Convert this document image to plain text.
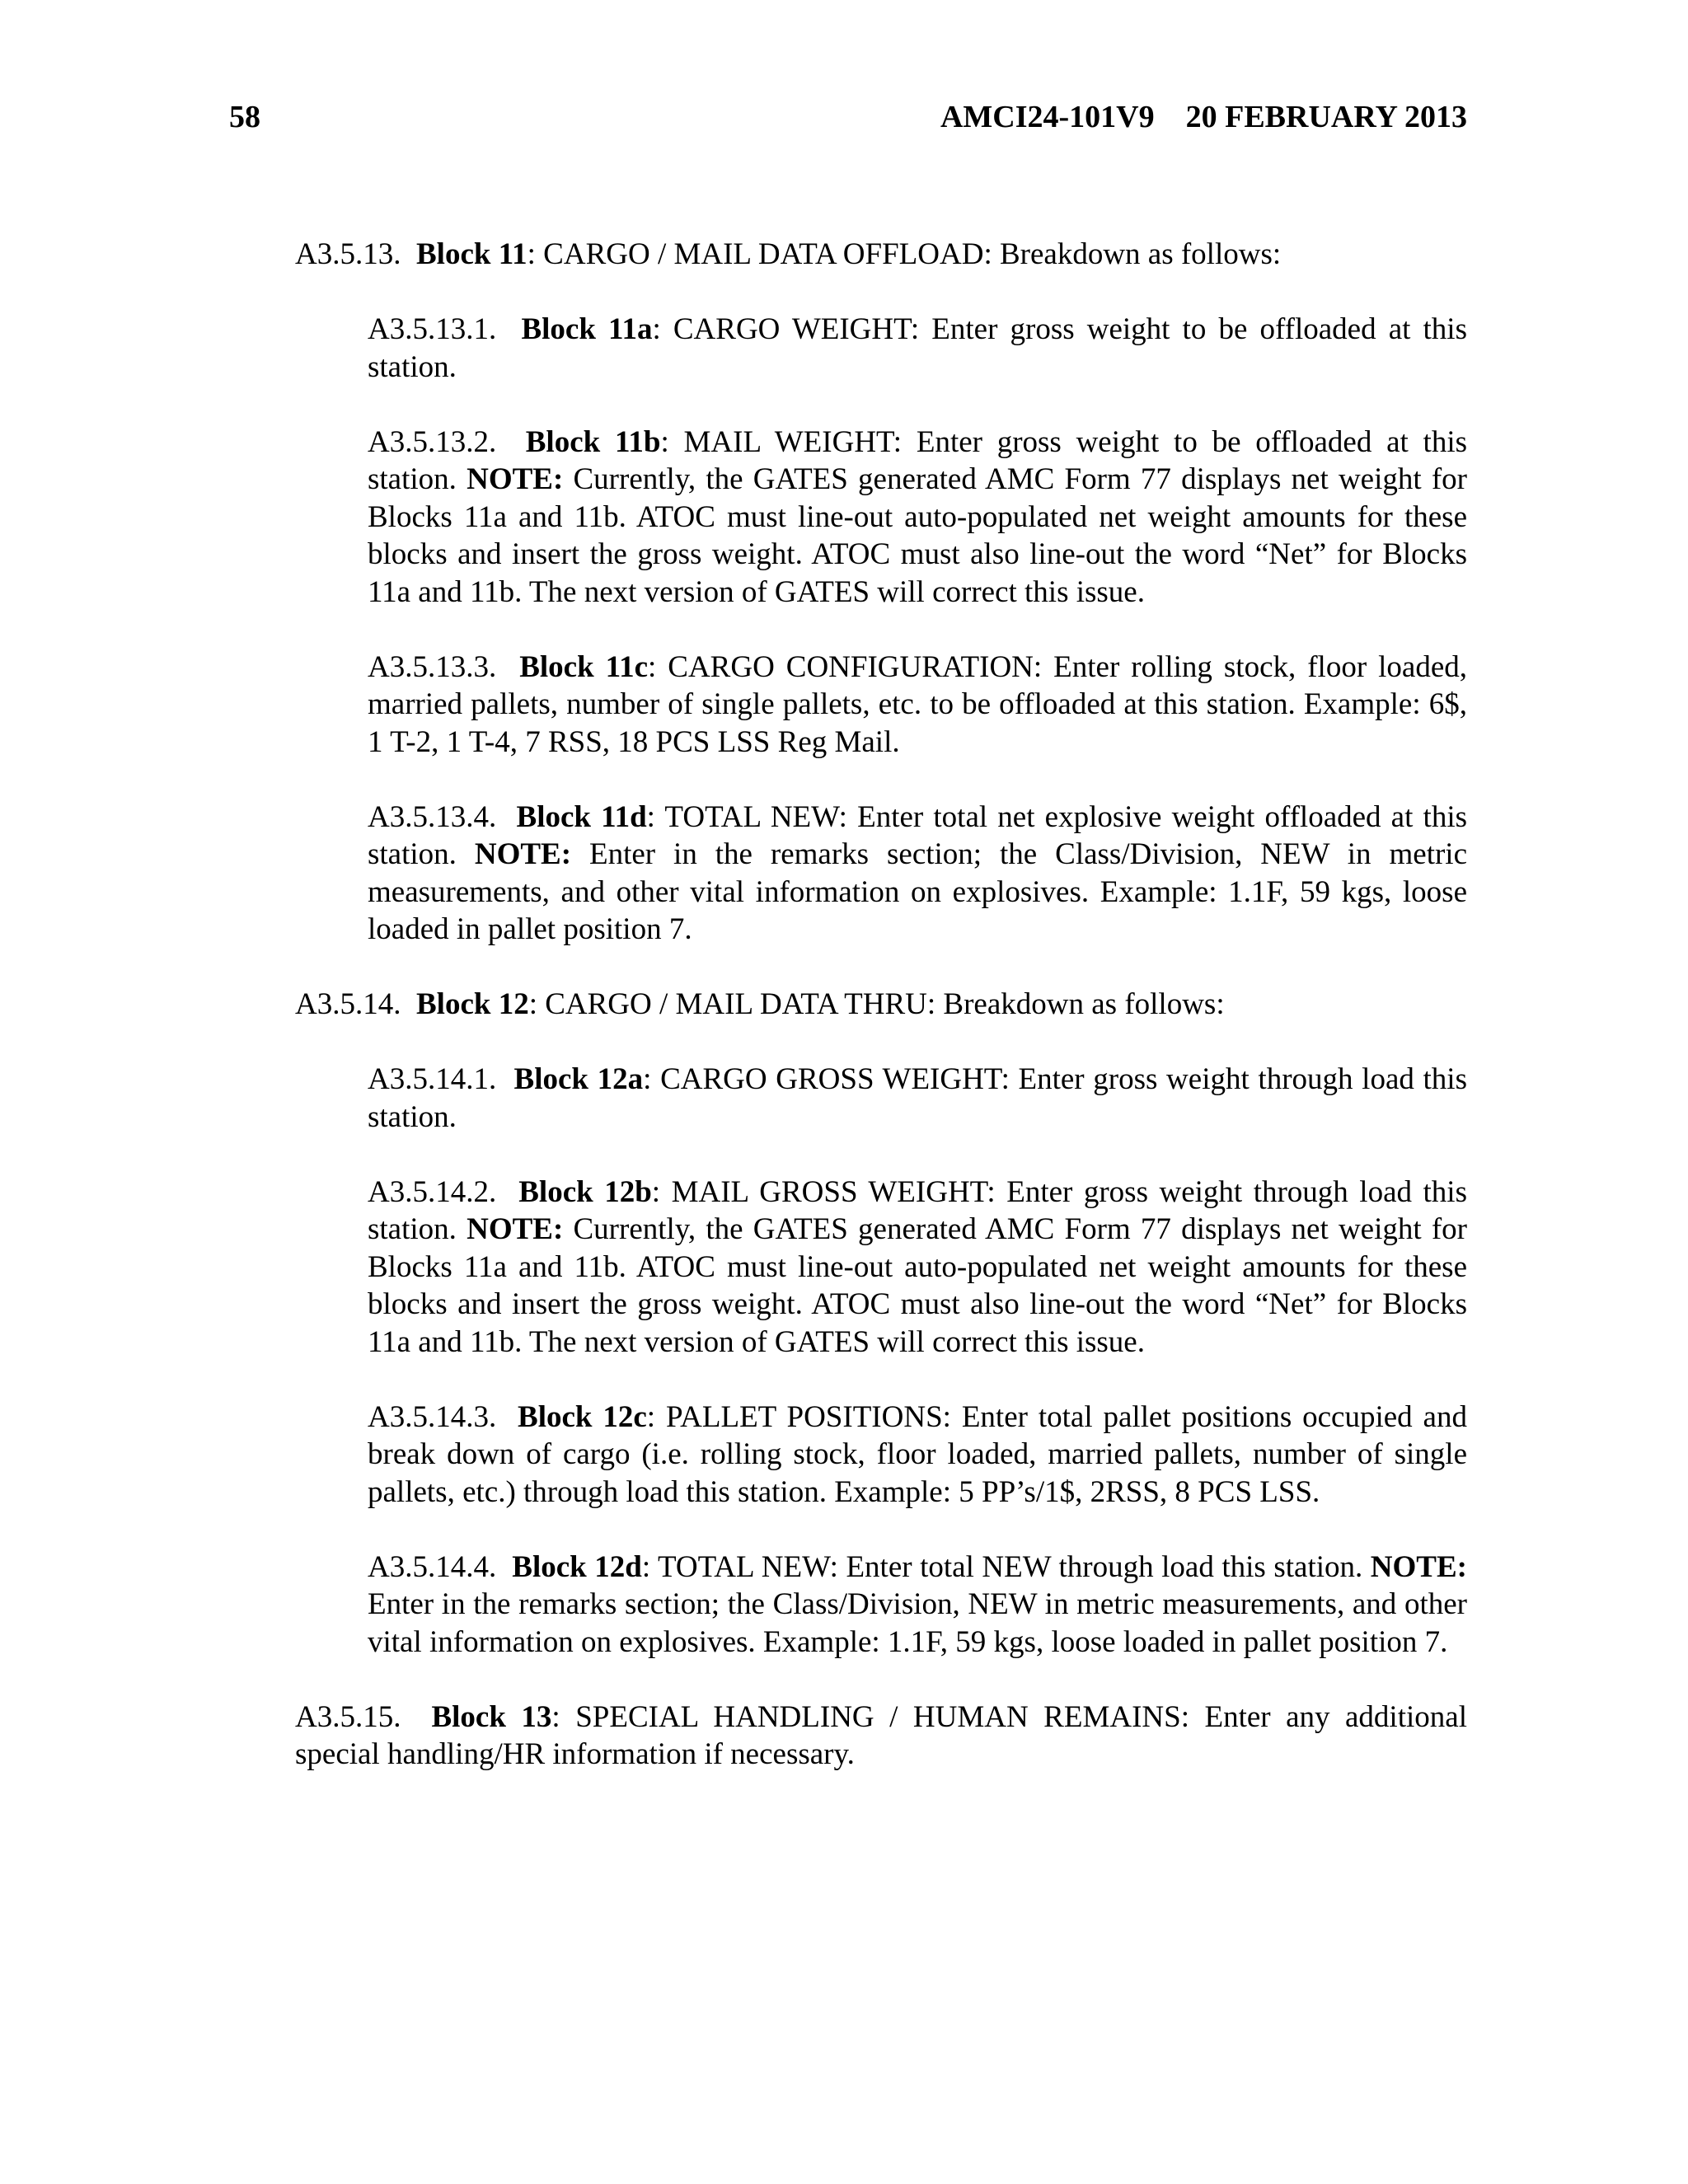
58	AMCI24-101V9    20 FEBRUARY 2013

A3.5.13.  Block 11: CARGO / MAIL DATA OFFLOAD: Breakdown as follows:

A3.5.13.1.  Block 11a: CARGO WEIGHT: Enter gross weight to be offloaded at this station.

A3.5.13.2.  Block 11b: MAIL WEIGHT: Enter gross weight to be offloaded at this station. NOTE: Currently, the GATES generated AMC Form 77 displays net weight for Blocks 11a and 11b. ATOC must line-out auto-populated net weight amounts for these blocks and insert the gross weight. ATOC must also line-out the word “Net” for Blocks 11a and 11b. The next version of GATES will correct this issue.

A3.5.13.3.  Block 11c: CARGO CONFIGURATION: Enter rolling stock, floor loaded, married pallets, number of single pallets, etc. to be offloaded at this station. Example: 6$, 1 T-2, 1 T-4, 7 RSS, 18 PCS LSS Reg Mail.

A3.5.13.4.  Block 11d: TOTAL NEW: Enter total net explosive weight offloaded at this station. NOTE: Enter in the remarks section; the Class/Division, NEW in metric measurements, and other vital information on explosives. Example: 1.1F, 59 kgs, loose loaded in pallet position 7.

A3.5.14.  Block 12: CARGO / MAIL DATA THRU: Breakdown as follows:

A3.5.14.1.  Block 12a: CARGO GROSS WEIGHT: Enter gross weight through load this station.

A3.5.14.2.  Block 12b: MAIL GROSS WEIGHT: Enter gross weight through load this station. NOTE: Currently, the GATES generated AMC Form 77 displays net weight for Blocks 11a and 11b. ATOC must line-out auto-populated net weight amounts for these blocks and insert the gross weight. ATOC must also line-out the word “Net” for Blocks 11a and 11b. The next version of GATES will correct this issue.

A3.5.14.3.  Block 12c: PALLET POSITIONS: Enter total pallet positions occupied and break down of cargo (i.e. rolling stock, floor loaded, married pallets, number of single pallets, etc.) through load this station. Example: 5 PP’s/1$, 2RSS, 8 PCS LSS.

A3.5.14.4.  Block 12d: TOTAL NEW: Enter total NEW through load this station. NOTE: Enter in the remarks section; the Class/Division, NEW in metric measurements, and other vital information on explosives. Example: 1.1F, 59 kgs, loose loaded in pallet position 7.

A3.5.15.  Block 13: SPECIAL HANDLING / HUMAN REMAINS: Enter any additional special handling/HR information if necessary.
